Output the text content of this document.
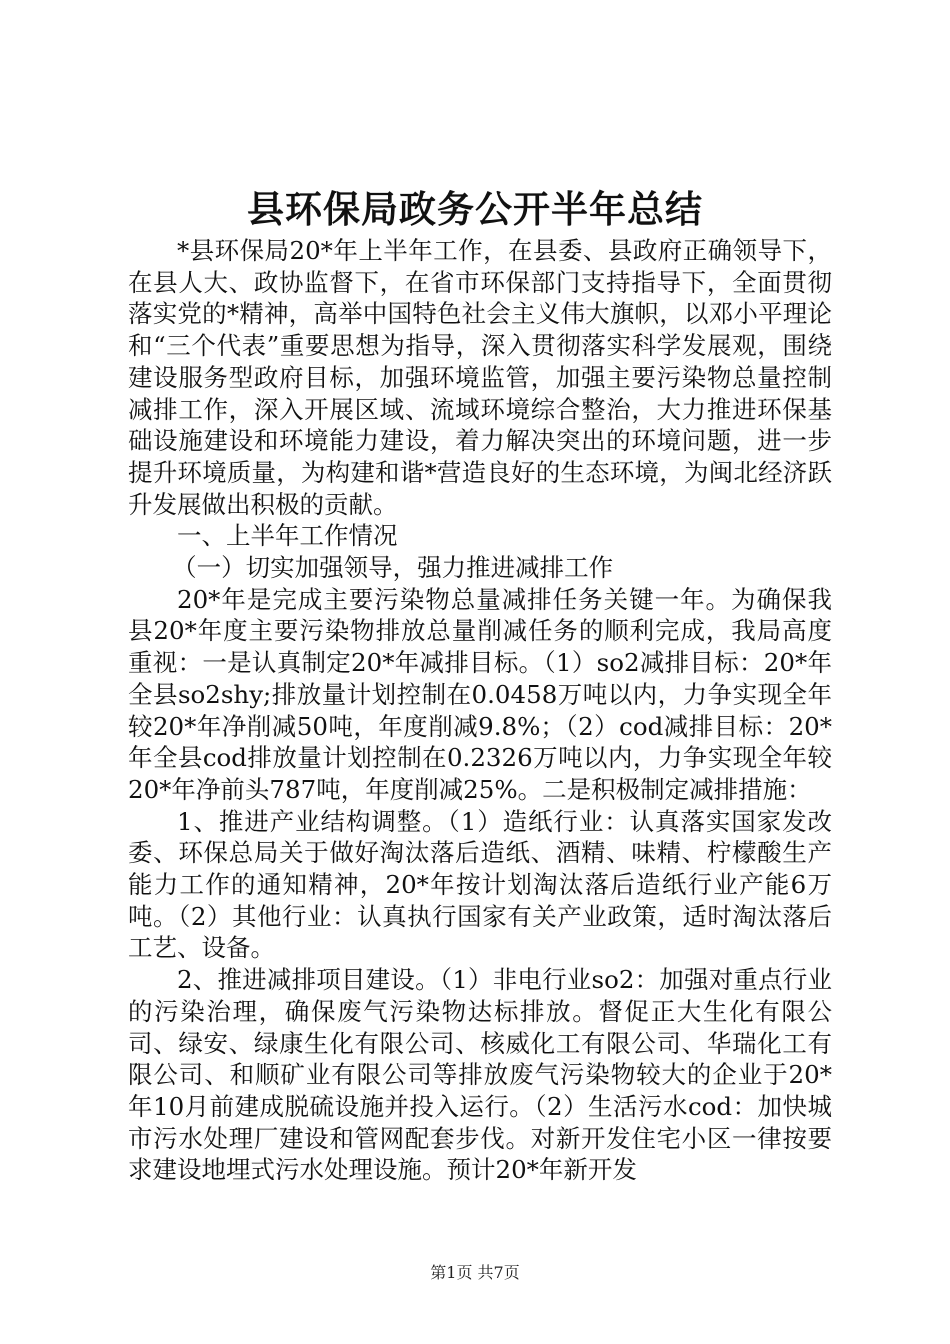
县环保局政务公开半年总结

*县环保局20*年上半年工作，在县委、县政府正确领导下，在县人大、政协监督下，在省市环保部门支持指导下，全面贯彻落实党的*精神，高举中国特色社会主义伟大旗帜，以邓小平理论和“三个代表”重要思想为指导，深入贯彻落实科学发展观，围绕建设服务型政府目标，加强环境监管，加强主要污染物总量控制减排工作，深入开展区域、流域环境综合整治，大力推进环保基础设施建设和环境能力建设，着力解决突出的环境问题，进一步提升环境质量，为构建和谐*营造良好的生态环境，为闽北经济跃升发展做出积极的贡献。

一、上半年工作情况

（一）切实加强领导，强力推进减排工作

20*年是完成主要污染物总量减排任务关键一年。为确保我县20*年度主要污染物排放总量削减任务的顺利完成，我局高度重视：一是认真制定20*年减排目标。（1）so2减排目标：20*年全县so2shy;排放量计划控制在0.0458万吨以内，力争实现全年较20*年净削减50吨，年度削减9.8%；（2）cod减排目标：20*年全县cod排放量计划控制在0.2326万吨以内，力争实现全年较20*年净前头787吨，年度削减25%。二是积极制定减排措施：

1、推进产业结构调整。（1）造纸行业：认真落实国家发改委、环保总局关于做好淘汰落后造纸、酒精、味精、柠檬酸生产能力工作的通知精神，20*年按计划淘汰落后造纸行业产能6万吨。（2）其他行业：认真执行国家有关产业政策，适时淘汰落后工艺、设备。

2、推进减排项目建设。（1）非电行业so2：加强对重点行业的污染治理，确保废气污染物达标排放。督促正大生化有限公司、绿安、绿康生化有限公司、核威化工有限公司、华瑞化工有限公司、和顺矿业有限公司等排放废气污染物较大的企业于20*年10月前建成脱硫设施并投入运行。（2）生活污水cod：加快城市污水处理厂建设和管网配套步伐。对新开发住宅小区一律按要求建设地埋式污水处理设施。预计20*年新开发

第1页 共7页
